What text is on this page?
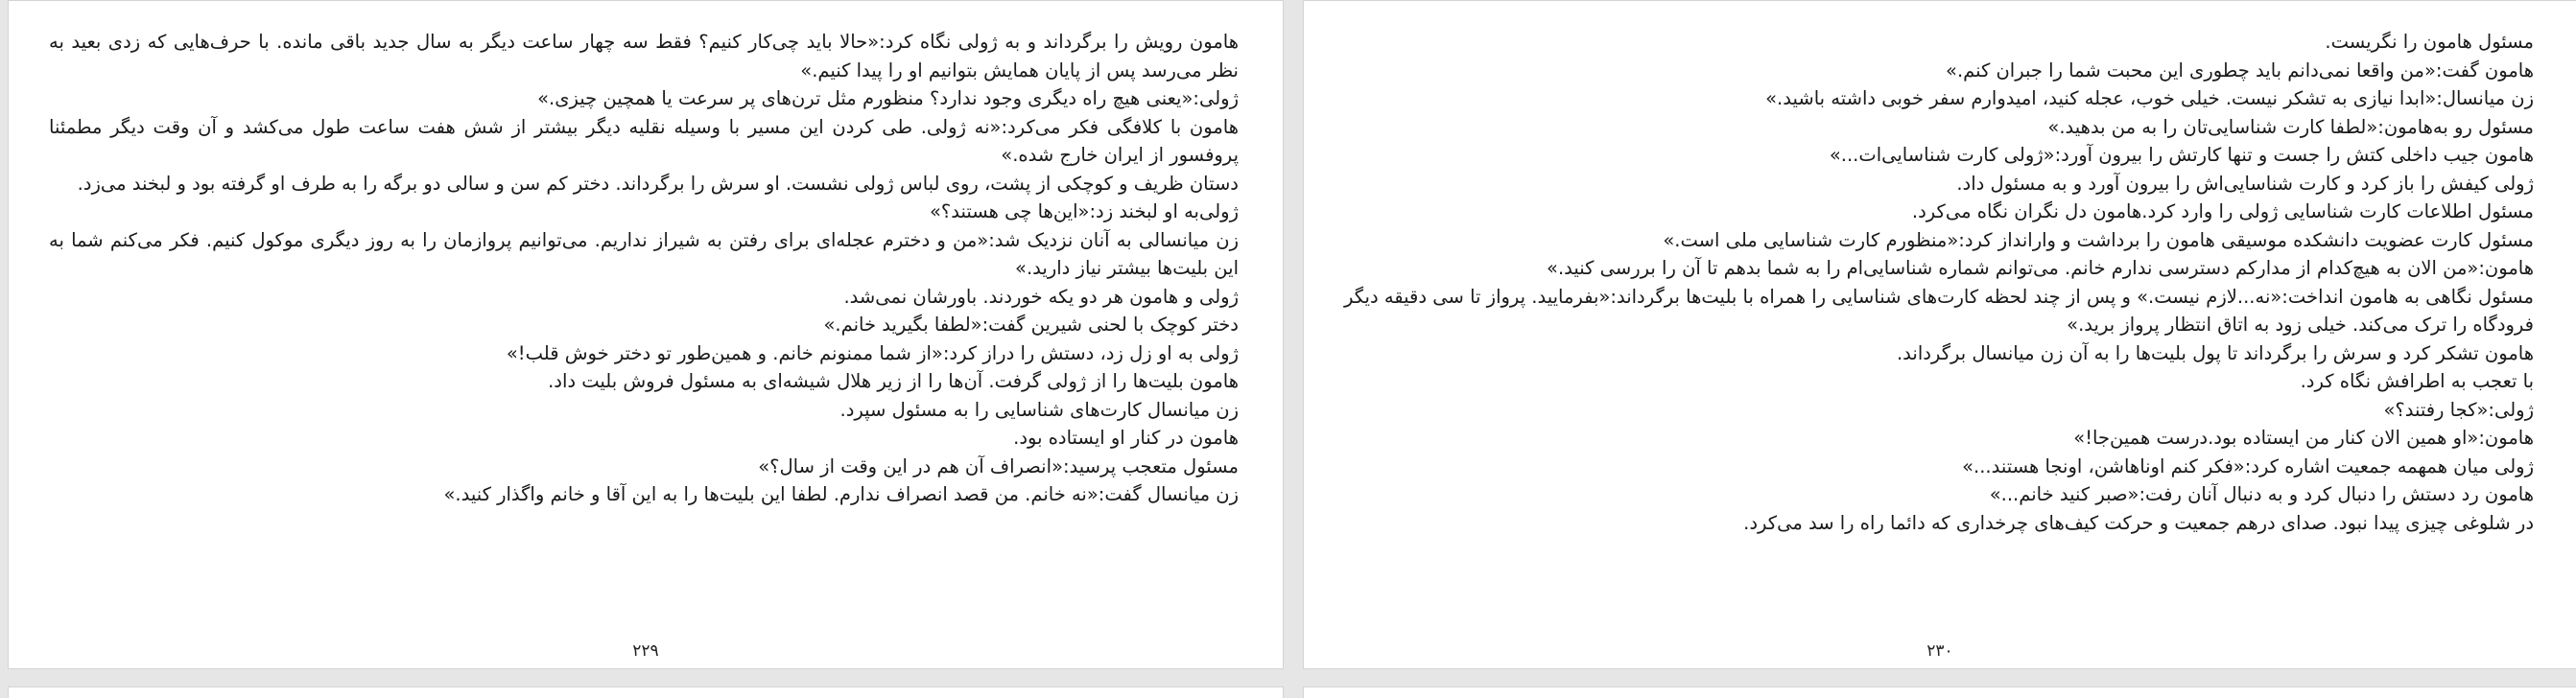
هامون رویش را برگرداند و به ژولی نگاه کرد:«حالا باید چی‌کار کنیم؟ فقط سه چهار ساعت دیگر به سال جدید باقی مانده. با حرف‌هایی که زدی بعید به نظر می‌رسد پس از پایان همایش بتوانیم او را پیدا کنیم.»

ژولی:«یعنی هیچ راه دیگری وجود ندارد؟ منظورم مثل ترن‌های پر سرعت یا همچین چیزی.»

هامون با کلافگی فکر می‌کرد:«نه ژولی. طی کردن این مسیر با وسیله نقلیه دیگر بیشتر از شش هفت ساعت طول می‌کشد و آن وقت دیگر مطمئنا پروفسور از ایران خارج شده.»

دستان ظریف و کوچکی از پشت، روی لباس ژولی نشست. او سرش را برگرداند. دختر کم سن و سالی دو برگه را به طرف او گرفته بود و لبخند می‌زد.

ژولی‌به او لبخند زد:«این‌ها چی هستند؟»

زن میانسالی به آنان نزدیک شد:«من و دخترم عجله‌ای برای رفتن به شیراز نداریم. می‌توانیم پروازمان را به روز دیگری موکول کنیم. فکر می‌کنم شما به این بلیت‌ها بیشتر نیاز دارید.»

ژولی و هامون هر دو یکه خوردند. باورشان نمی‌شد.

دختر کوچک با لحنی شیرین گفت:«لطفا بگیرید خانم.»

ژولی به او زل زد، دستش را دراز کرد:«از شما ممنونم خانم. و همین‌طور تو دختر خوش قلب!»

هامون بلیت‌ها را از ژولی گرفت. آن‌ها را از زیر هلال شیشه‌ای به مسئول فروش بلیت داد.

زن میانسال کارت‌های شناسایی را به مسئول سپرد.

هامون در کنار او ایستاده بود.

مسئول متعجب پرسید:«انصراف آن هم در این وقت از سال؟»

زن میانسال گفت:«نه خانم. من قصد انصراف ندارم. لطفا این بلیت‌ها را به این آقا و خانم واگذار کنید.»

۲۲۹

مسئول هامون را نگریست.

هامون گفت:«من واقعا نمی‌دانم باید چطوری این محبت شما را جبران کنم.»

زن میانسال:«ابدا نیازی به تشکر نیست. خیلی خوب، عجله کنید، امیدوارم سفر خوبی داشته باشید.»

مسئول رو به‌هامون:«لطفا کارت شناسایی‌تان را به من بدهید.»

هامون جیب داخلی کتش را جست و تنها کارتش را بیرون آورد:«ژولی کارت شناسایی‌ات...»

ژولی کیفش را باز کرد و کارت شناسایی‌اش را بیرون آورد و به مسئول داد.

مسئول اطلاعات کارت شناسایی ژولی را وارد کرد.هامون دل نگران نگاه می‌کرد.

مسئول کارت عضویت دانشکده موسیقی هامون را برداشت و وارانداز کرد:«منظورم کارت شناسایی ملی است.»

هامون:«من الان به هیچ‌کدام از مدارکم دسترسی ندارم خانم. می‌توانم شماره شناسایی‌ام را به شما بدهم تا آن را بررسی کنید.»

مسئول نگاهی به هامون انداخت:«نه...لازم نیست.» و پس از چند لحظه کارت‌های شناسایی را همراه با بلیت‌ها برگرداند:«بفرمایید. پرواز تا سی دقیقه دیگر فرودگاه را ترک می‌کند. خیلی زود به اتاق انتظار پرواز برید.»

هامون تشکر کرد و سرش را برگرداند تا پول بلیت‌ها را به آن زن میانسال برگرداند.

با تعجب به اطرافش نگاه کرد.

ژولی:«کجا رفتند؟»

هامون:«او همین الان کنار من ایستاده بود.درست همین‌جا!»

ژولی میان همهمه جمعیت اشاره کرد:«فکر کنم اوناهاشن، اونجا هستند...»

هامون رد دستش را دنبال کرد و به دنبال آنان رفت:«صبر کنید خانم...»

در شلوغی چیزی پیدا نبود. صدای درهم جمعیت و حرکت کیف‌های چرخداری که دائما راه را سد می‌کرد.

۲۳۰
